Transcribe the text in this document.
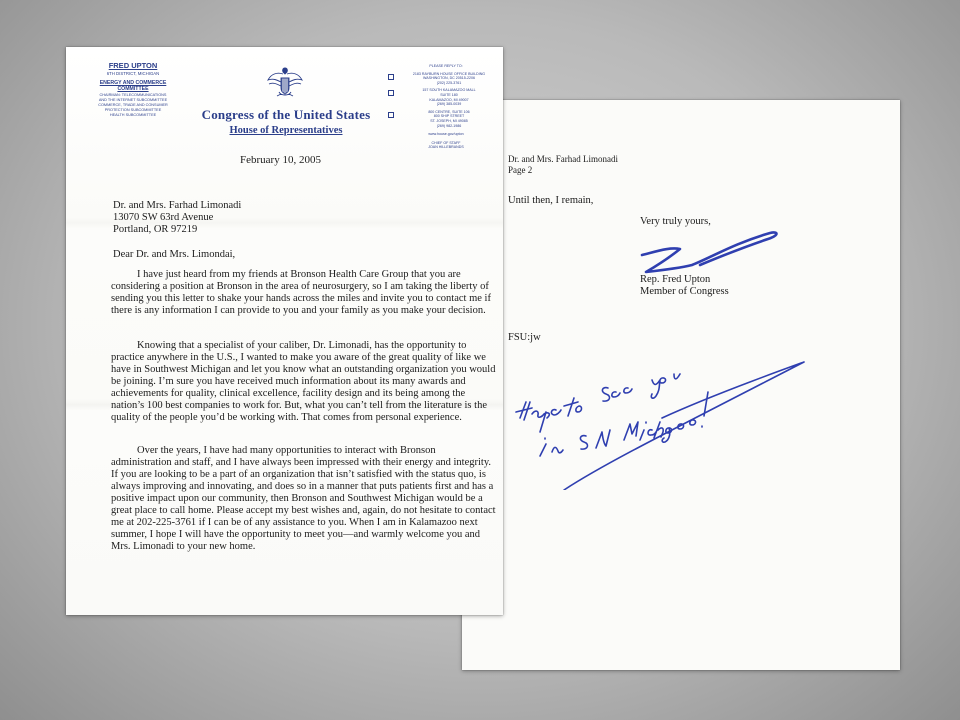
Dr. and Mrs. Farhad Limonadi
Page 2
Until then, I remain,
Very truly yours,
Rep. Fred Upton
Member of Congress
FSU:jw
FRED UPTON
6TH DISTRICT, MICHIGAN
ENERGY AND COMMERCE
COMMITTEE
CHAIRMAN: TELECOMMUNICATIONS
AND THE INTERNET SUBCOMMITTEE
COMMERCE, TRADE AND CONSUMER
PROTECTION SUBCOMMITTEE
HEALTH SUBCOMMITTEE	Congress of the United States
House of Representatives
PLEASE REPLY TO:
2183 RAYBURN HOUSE OFFICE BUILDING
WASHINGTON, DC 20515-2206
(202) 225-3761
157 SOUTH KALAMAZOO MALL
SUITE 180
KALAMAZOO, MI 49007
(269) 385-0039
800 CENTRE, SUITE 106
800 SHIP STREET
ST. JOSEPH, MI 49085
(269) 982-1986
www.house.gov/upton
CHIEF OF STAFF
JOAN HILLEBRANDS
February 10, 2005
Dr. and Mrs. Farhad Limonadi
13070 SW 63rd Avenue
Portland, OR 97219
Dear Dr. and Mrs. Limondai,
I have just heard from my friends at Bronson Health Care Group that you are considering a position at Bronson in the area of neurosurgery, so I am taking the liberty of sending you this letter to shake your hands across the miles and invite you to contact me if there is any information I can provide to you and your family as you make your decision.
Knowing that a specialist of your caliber, Dr. Limonadi, has the opportunity to practice anywhere in the U.S., I wanted to make you aware of the great quality of like we have in Southwest Michigan and let you know what an outstanding organization you would be joining. I’m sure you have received much information about its many awards and achievements for quality, clinical excellence, facility design and its being among the nation’s 100 best companies to work for. But, what you can’t tell from the literature is the quality of the people you’d be working with. That comes from personal experience.
Over the years, I have had many opportunities to interact with Bronson administration and staff, and I have always been impressed with their energy and integrity. If you are looking to be a part of an organization that isn’t satisfied with the status quo, is always improving and innovating, and does so in a manner that puts patients first and has a positive impact upon our community, then Bronson and Southwest Michigan would be a great place to call home. Please accept my best wishes and, again, do not hesitate to contact me at 202-225-3761 if I can be of any assistance to you. When I am in Kalamazoo next summer, I hope I will have the opportunity to meet you—and warmly welcome you and Mrs. Limonadi to your new home.
